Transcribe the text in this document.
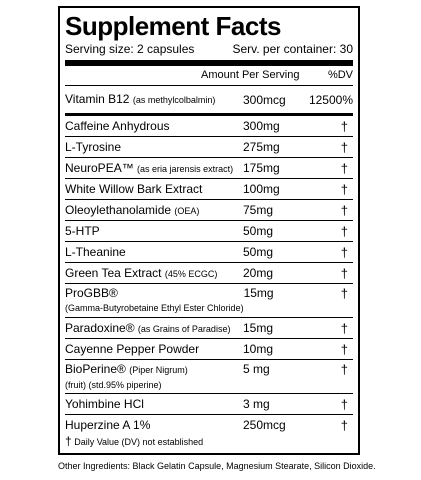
Supplement Facts
Serving size: 2 capsules	Serv. per container: 30
Amount Per Serving	%DV
Vitamin B12 (as methylcolbalmin)	300mcg	12500%
Caffeine Anhydrous	300mg	†
L-Tyrosine	275mg	†
NeuroPEA™ (as eria jarensis extract) 175mg	†
White Willow Bark Extract	100mg	†
Oleoylethanolamide (OEA)	75mg	†
5-HTP	50mg	†
L-Theanine	50mg	†
Green Tea Extract (45% ECGC)	20mg	†
ProGBB®
(Gamma-Butyrobetaine Ethyl Ester Chloride)
15mg	†
Paradoxine® (as Grains of Paradise)	15mg	†
Cayenne Pepper Powder	10mg	†
BioPerine® (Piper Nigrum)
(fruit) (std.95% piperine)
5 mg	†
Yohimbine HCl	3 mg	†
Huperzine A 1%	250mcg	†
† Daily Value (DV) not established
Other Ingredients: Black Gelatin Capsule, Magnesium Stearate, Silicon Dioxide.
